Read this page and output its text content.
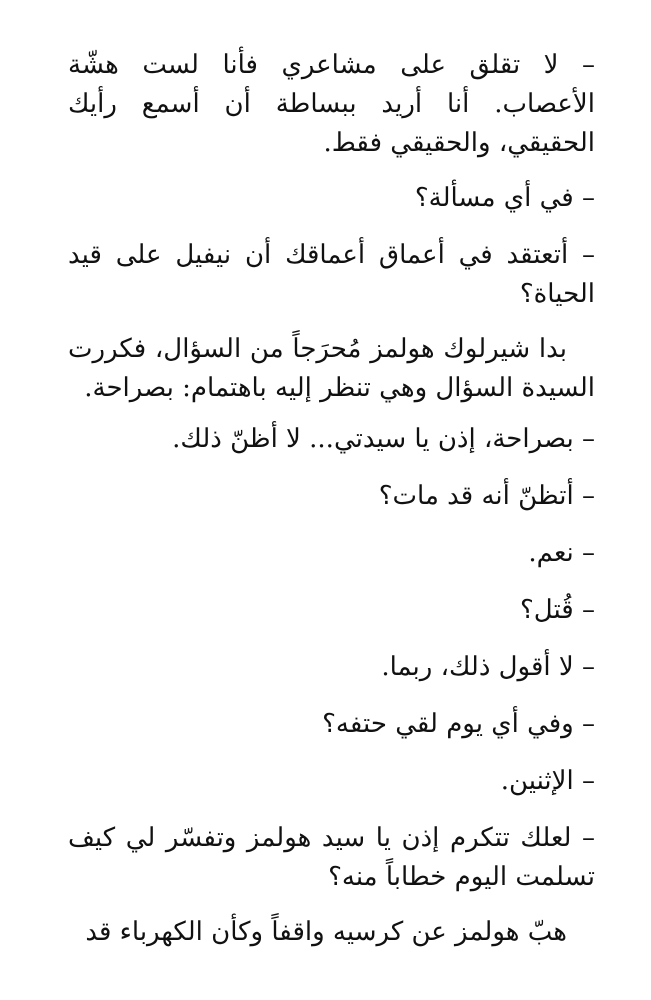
– لا تقلق على مشاعري فأنا لست هشّة الأعصاب. أنا أريد ببساطة أن أسمع رأيك الحقيقي، والحقيقي فقط.

– في أي مسألة؟

– أتعتقد في أعماق أعماقك أن نيفيل على قيد الحياة؟

بدا شيرلوك هولمز مُحرَجاً من السؤال، فكررت السيدة السؤال وهي تنظر إليه باهتمام: بصراحة.

– بصراحة، إذن يا سيدتي... لا أظنّ ذلك.

– أتظنّ أنه قد مات؟

– نعم.

– قُتل؟

– لا أقول ذلك، ربما.

– وفي أي يوم لقي حتفه؟

– الإثنين.

– لعلك تتكرم إذن يا سيد هولمز وتفسّر لي كيف تسلمت اليوم خطاباً منه؟

هبّ هولمز عن كرسيه واقفاً وكأن الكهرباء قد
